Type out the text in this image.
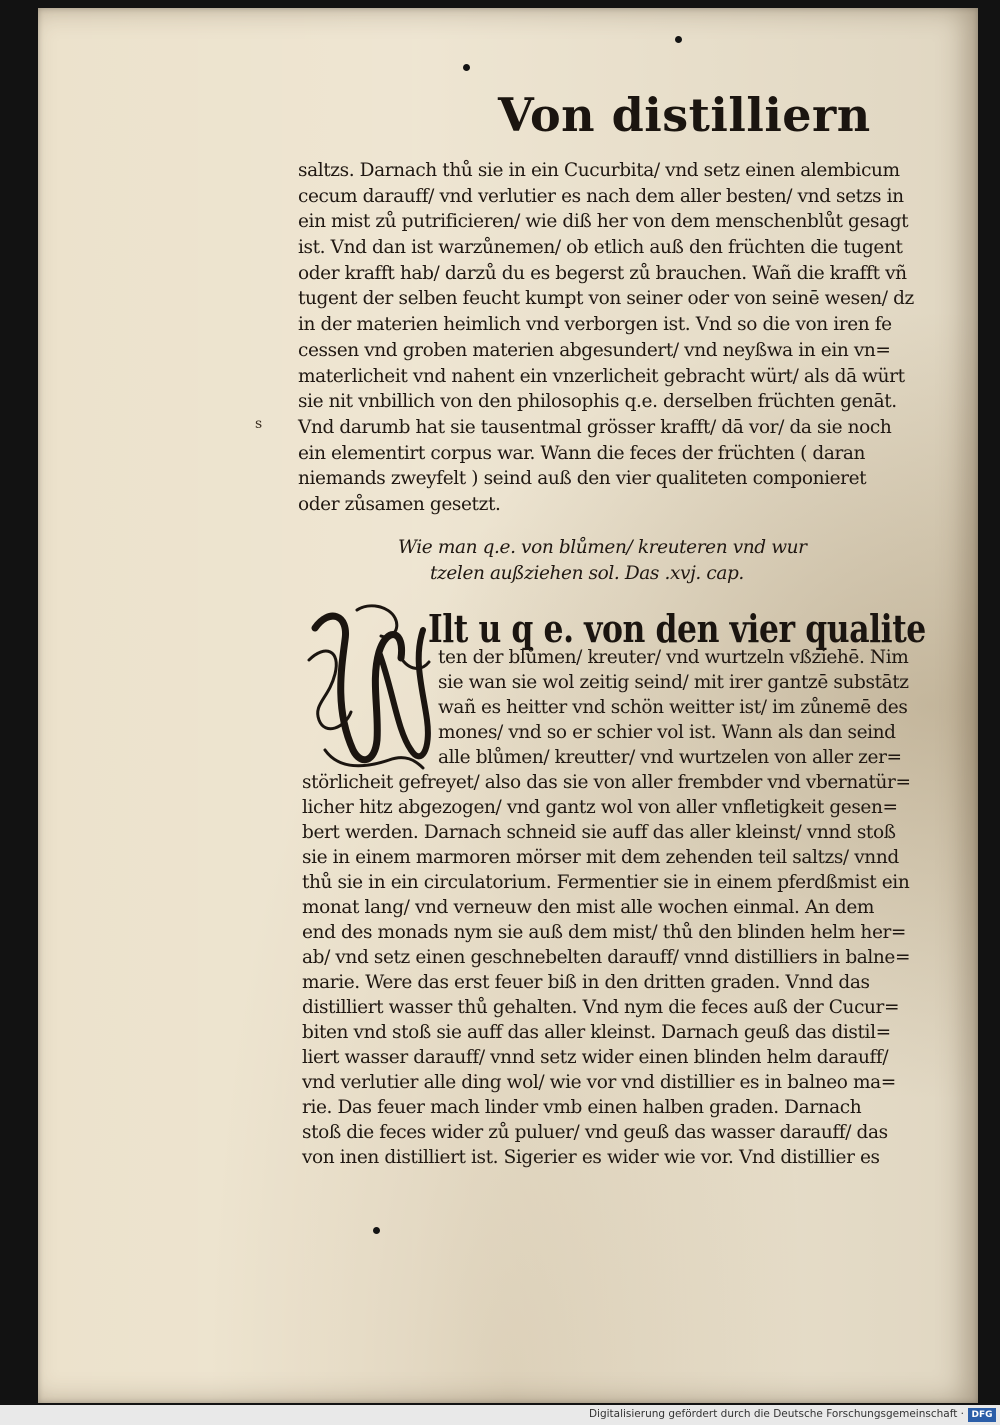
Von distilliern
s
saltzs. Darnach thů sie in ein Cucurbita/ vnd setz einen alembicum
cecum darauff/ vnd verlutier es nach dem aller besten/ vnd setzs in
ein mist zů putrificieren/ wie diß her von dem menschenblůt gesagt
ist. Vnd dan ist warzůnemen/ ob etlich auß den früchten die tugent
oder krafft hab/ darzů du es begerst zů brauchen. Wañ die krafft vñ
tugent der selben feucht kumpt von seiner oder von seinē wesen/ dz
in der materien heimlich vnd verborgen ist. Vnd so die von iren fe
cessen vnd groben materien abgesundert/ vnd neyßwa in ein vn=
materlicheit vnd nahent ein vnzerlicheit gebracht würt/ als dā würt
sie nit vnbillich von den philosophis q.e. derselben früchten genāt.
Vnd darumb hat sie tausentmal grösser krafft/ dā vor/ da sie noch
ein elementirt corpus war. Wann die feces der früchten ( daran
niemands zweyfelt ) seind auß den vier qualiteten componieret
oder zůsamen gesetzt.
Wie man q.e. von blůmen/ kreuteren vnd wur
tzelen außziehen sol. Das .xvj. cap.
Ilt u q e. von den vier qualite
ten der blůmen/ kreuter/ vnd wurtzeln vßziehē. Nim
sie wan sie wol zeitig seind/ mit irer gantzē substātz
wañ es heitter vnd schön weitter ist/ im zůnemē des
mones/ vnd so er schier vol ist. Wann als dan seind
alle blůmen/ kreutter/ vnd wurtzelen von aller zer=
störlicheit gefreyet/ also das sie von aller frembder vnd vbernatür=
licher hitz abgezogen/ vnd gantz wol von aller vnfletigkeit gesen=
bert werden. Darnach schneid sie auff das aller kleinst/ vnnd stoß
sie in einem marmoren mörser mit dem zehenden teil saltzs/ vnnd
thů sie in ein circulatorium. Fermentier sie in einem pferdßmist ein
monat lang/ vnd verneuw den mist alle wochen einmal. An dem
end des monads nym sie auß dem mist/ thů den blinden helm her=
ab/ vnd setz einen geschnebelten darauff/ vnnd distilliers in balne=
marie. Were das erst feuer biß in den dritten graden. Vnnd das
distilliert wasser thů gehalten. Vnd nym die feces auß der Cucur=
biten vnd stoß sie auff das aller kleinst. Darnach geuß das distil=
liert wasser darauff/ vnnd setz wider einen blinden helm darauff/
vnd verlutier alle ding wol/ wie vor vnd distillier es in balneo ma=
rie. Das feuer mach linder vmb einen halben graden. Darnach
stoß die feces wider zů puluer/ vnd geuß das wasser darauff/ das
von inen distilliert ist. Sigerier es wider wie vor. Vnd distillier es
Digitalisierung gefördert durch die Deutsche Forschungsgemeinschaft · DFG
